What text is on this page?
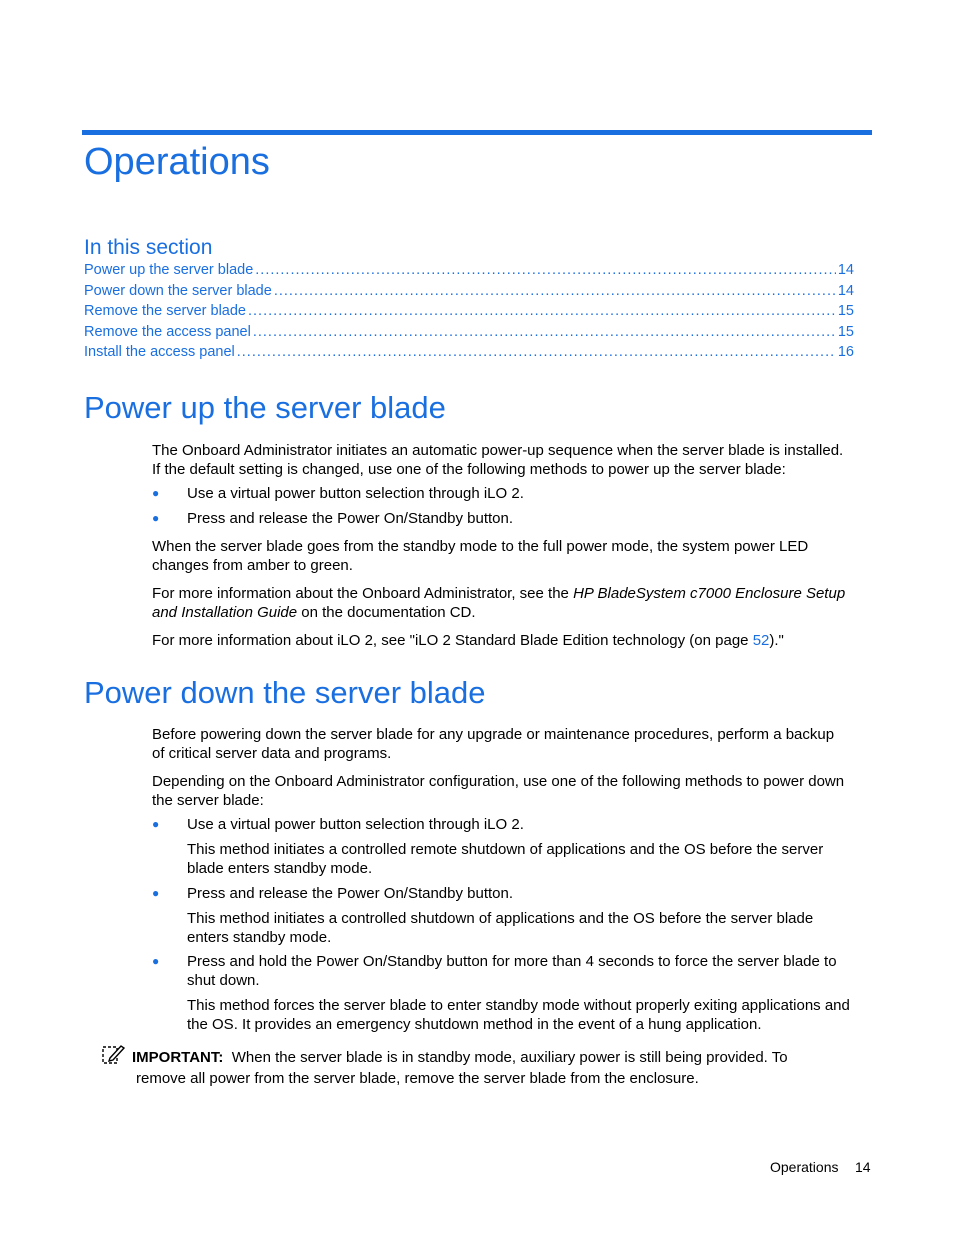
Operations
In this section
Power up the server blade .....	14
Power down the server blade .....	14
Remove the server blade .....	15
Remove the access panel .....	15
Install the access panel .....	16
Power up the server blade

The Onboard Administrator initiates an automatic power-up sequence when the server blade is installed.
If the default setting is changed, use one of the following methods to power up the server blade:

● Use a virtual power button selection through iLO 2.
● Press and release the Power On/Standby button.

When the server blade goes from the standby mode to the full power mode, the system power LED
changes from amber to green.

For more information about the Onboard Administrator, see the HP BladeSystem c7000 Enclosure Setup
and Installation Guide on the documentation CD.

For more information about iLO 2, see "iLO 2 Standard Blade Edition technology (on page 52)."

Power down the server blade

Before powering down the server blade for any upgrade or maintenance procedures, perform a backup
of critical server data and programs.

Depending on the Onboard Administrator configuration, use one of the following methods to power down
the server blade:

● Use a virtual power button selection through iLO 2.

This method initiates a controlled remote shutdown of applications and the OS before the server
blade enters standby mode.

● Press and release the Power On/Standby button.

This method initiates a controlled shutdown of applications and the OS before the server blade
enters standby mode.

● Press and hold the Power On/Standby button for more than 4 seconds to force the server blade to
shut down.

This method forces the server blade to enter standby mode without properly exiting applications and
the OS. It provides an emergency shutdown method in the event of a hung application.

IMPORTANT: When the server blade is in standby mode, auxiliary power is still being provided. To
remove all power from the server blade, remove the server blade from the enclosure.
Operations 14
